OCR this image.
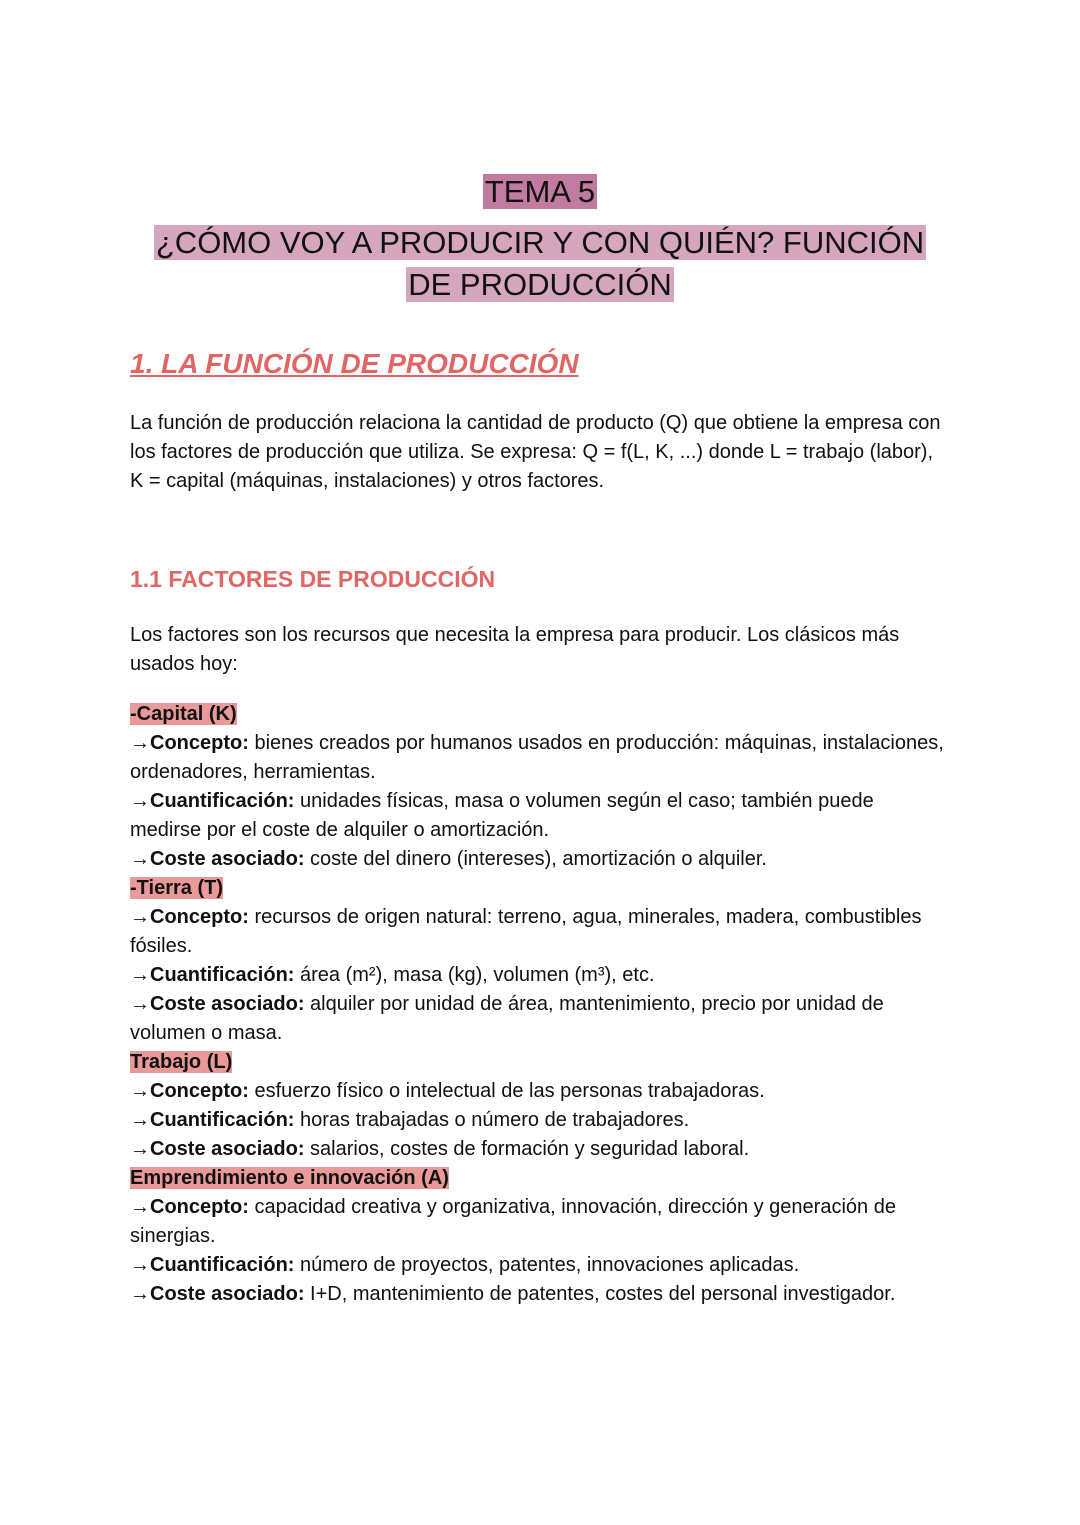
TEMA 5
¿CÓMO VOY A PRODUCIR Y CON QUIÉN? FUNCIÓN DE PRODUCCIÓN
1. LA FUNCIÓN DE PRODUCCIÓN

La función de producción relaciona la cantidad de producto (Q) que obtiene la empresa con los factores de producción que utiliza. Se expresa: Q = f(L, K, ...) donde L = trabajo (labor), K = capital (máquinas, instalaciones) y otros factores.

1.1 FACTORES DE PRODUCCIÓN

Los factores son los recursos que necesita la empresa para producir. Los clásicos más usados hoy:

-Capital (K)

→Concepto: bienes creados por humanos usados en producción: máquinas, instalaciones, ordenadores, herramientas.

→Cuantificación: unidades físicas, masa o volumen según el caso; también puede medirse por el coste de alquiler o amortización.

→Coste asociado: coste del dinero (intereses), amortización o alquiler.

-Tierra (T)

→Concepto: recursos de origen natural: terreno, agua, minerales, madera, combustibles fósiles.

→Cuantificación: área (m²), masa (kg), volumen (m³), etc.

→Coste asociado: alquiler por unidad de área, mantenimiento, precio por unidad de volumen o masa.

Trabajo (L)

→Concepto: esfuerzo físico o intelectual de las personas trabajadoras.

→Cuantificación: horas trabajadas o número de trabajadores.

→Coste asociado: salarios, costes de formación y seguridad laboral.

Emprendimiento e innovación (A)

→Concepto: capacidad creativa y organizativa, innovación, dirección y generación de sinergias.

→Cuantificación: número de proyectos, patentes, innovaciones aplicadas.

→Coste asociado: I+D, mantenimiento de patentes, costes del personal investigador.
